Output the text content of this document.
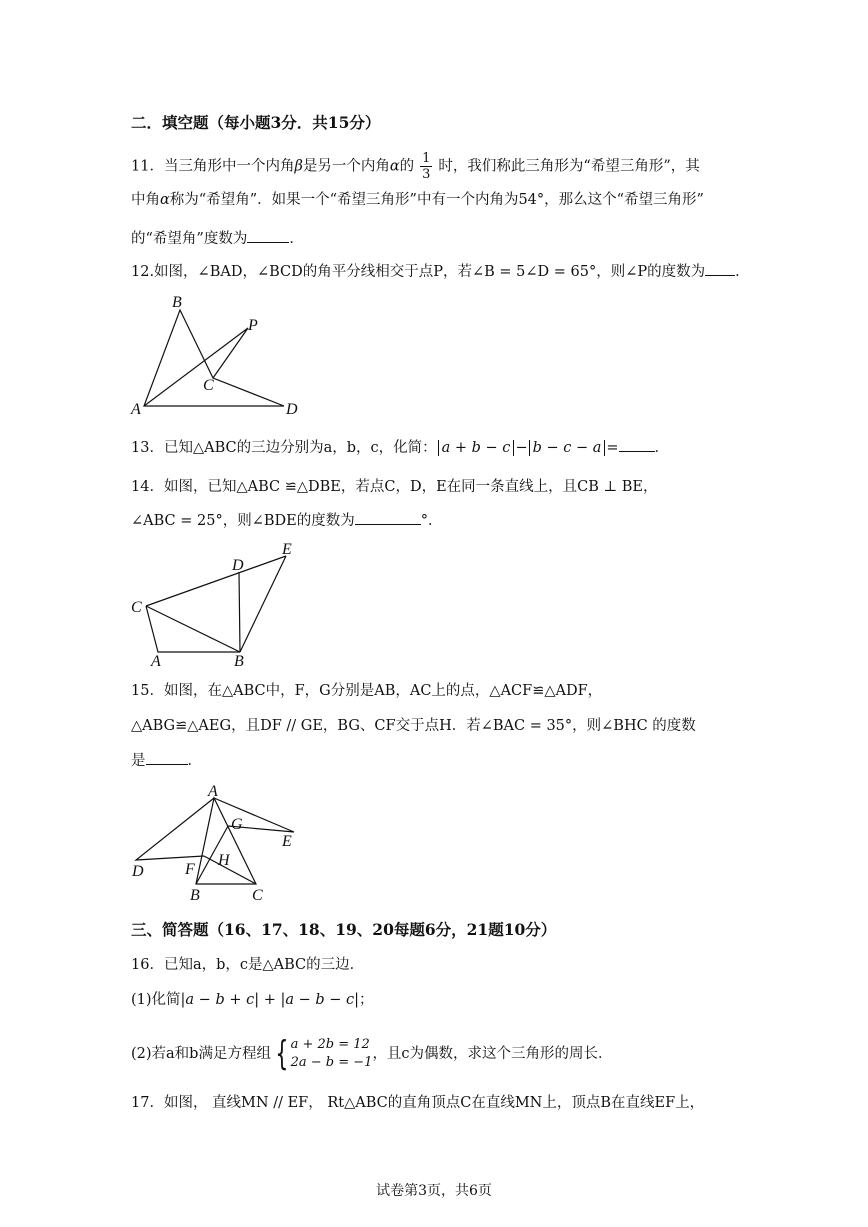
二．填空题（每小题3分．共15分）
11．当三角形中一个内角β是另一个内角α的 $\frac{1}{3}$ 时，我们称此三角形为“希望三角形”，其
中角α称为“希望角”．如果一个“希望三角形”中有一个内角为54°，那么这个“希望三角形”
的“希望角”度数为	．
12.如图，∠BAD，∠BCD的角平分线相交于点P，若∠B = 5∠D = 65°，则∠P的度数为 ．
B
P
C
A	D
13．已知△ABC的三边分别为a，b，c，化简： a + b − c − b − c − a = ．
14．如图，已知△ABC ≌△DBE，若点C，D，E在同一条直线上，且CB ⊥ BE，
∠ABC = 25°，则∠BDE的度数为	°．
E
D
C
A	B
15．如图，在△ABC中，F，G分别是AB，AC上的点，△ACF≌△ADF，
△ABG≌△AEG，且DF // GE，BG、CF交于点H．若∠BAC = 35°，则∠BHC 的度数
是	．
A
G
E
H
F
D
B	C
三、简答题（16、17、18、19、20每题6分，21题10分）
16．已知a，b，c是△ABC的三边．
(1)化简|a − b + c| + |a − b − c|；
(2)若a和b满足方程组 { a + 2b = 12
2a − b = −1
，且c为偶数，求这个三角形的周长．
17．如图， 直线MN // EF， Rt△ABC的直角顶点C在直线MN上，顶点B在直线EF上，
试卷第3页，共6页
